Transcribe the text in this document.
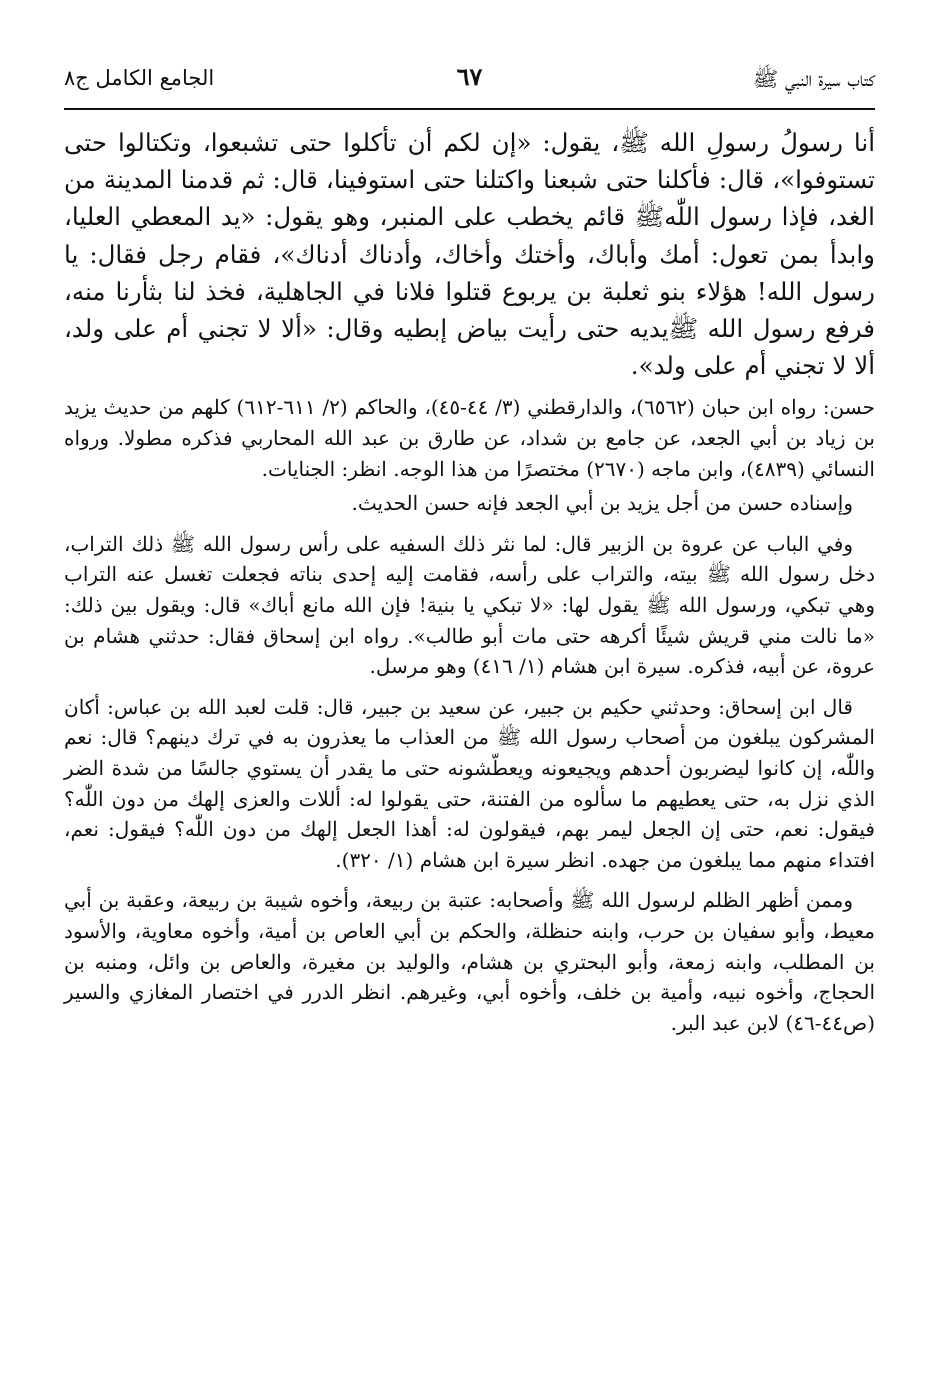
كتاب سيرة النبي ﷺ
٦٧
الجامع الكامل ج٨

أنا رسولُ رسولِ الله ﷺ، يقول: «إن لكم أن تأكلوا حتى تشبعوا، وتكتالوا حتى تستوفوا»، قال: فأكلنا حتى شبعنا واكتلنا حتى استوفينا، قال: ثم قدمنا المدينة من الغد، فإذا رسول اللّٰهﷺ قائم يخطب على المنبر، وهو يقول: «يد المعطي العليا، وابدأ بمن تعول: أمك وأباك، وأختك وأخاك، وأدناك أدناك»، فقام رجل فقال: يا رسول الله! هؤلاء بنو ثعلبة بن يربوع قتلوا فلانا في الجاهلية، فخذ لنا بثأرنا منه، فرفع رسول الله ﷺيديه حتى رأيت بياض إبطيه وقال: «ألا لا تجني أم على ولد، ألا لا تجني أم على ولد».

حسن: رواه ابن حبان (٦٥٦٢)، والدارقطني (٣/ ٤٤-٤٥)، والحاكم (٢/ ٦١١-٦١٢) كلهم من حديث يزيد بن زياد بن أبي الجعد، عن جامع بن شداد، عن طارق بن عبد الله المحاربي فذكره مطولا. ورواه النسائي (٤٨٣٩)، وابن ماجه (٢٦٧٠) مختصرًا من هذا الوجه. انظر: الجنايات.

وإسناده حسن من أجل يزيد بن أبي الجعد فإنه حسن الحديث.

وفي الباب عن عروة بن الزبير قال: لما نثر ذلك السفيه على رأس رسول الله ﷺ ذلك التراب، دخل رسول الله ﷺ بيته، والتراب على رأسه، فقامت إليه إحدى بناته فجعلت تغسل عنه التراب وهي تبكي، ورسول الله ﷺ يقول لها: «لا تبكي يا بنية! فإن الله مانع أباك» قال: ويقول بين ذلك: «ما نالت مني قريش شيئًا أكرهه حتى مات أبو طالب». رواه ابن إسحاق فقال: حدثني هشام بن عروة، عن أبيه، فذكره. سيرة ابن هشام (١/ ٤١٦) وهو مرسل.

قال ابن إسحاق: وحدثني حكيم بن جبير، عن سعيد بن جبير، قال: قلت لعبد الله بن عباس: أكان المشركون يبلغون من أصحاب رسول الله ﷺ من العذاب ما يعذرون به في ترك دينهم؟ قال: نعم واللّٰه، إن كانوا ليضربون أحدهم ويجيعونه ويعطّشونه حتى ما يقدر أن يستوي جالسًا من شدة الضر الذي نزل به، حتى يعطيهم ما سألوه من الفتنة، حتى يقولوا له: أللات والعزى إلهك من دون اللّٰه؟ فيقول: نعم، حتى إن الجعل ليمر بهم، فيقولون له: أهذا الجعل إلهك من دون اللّٰه؟ فيقول: نعم، افتداء منهم مما يبلغون من جهده. انظر سيرة ابن هشام (١/ ٣٢٠).

وممن أظهر الظلم لرسول الله ﷺ وأصحابه: عتبة بن ربيعة، وأخوه شيبة بن ربيعة، وعقبة بن أبي معيط، وأبو سفيان بن حرب، وابنه حنظلة، والحكم بن أبي العاص بن أمية، وأخوه معاوية، والأسود بن المطلب، وابنه زمعة، وأبو البحتري بن هشام، والوليد بن مغيرة، والعاص بن وائل، ومنبه بن الحجاج، وأخوه نبيه، وأمية بن خلف، وأخوه أبي، وغيرهم. انظر الدرر في اختصار المغازي والسير (ص٤٤-٤٦) لابن عبد البر.
